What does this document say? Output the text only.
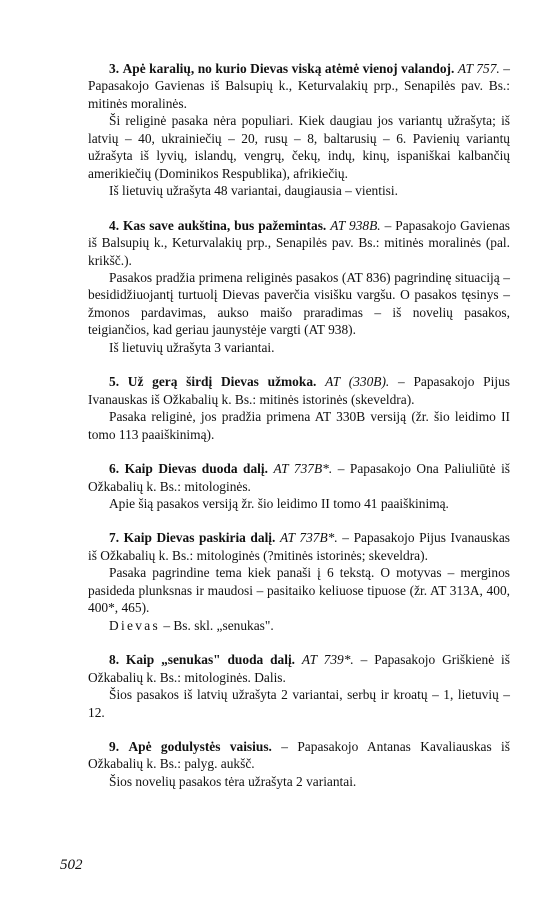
3. Apė karalių, no kurio Dievas viską atėmė vienoj valandoj. AT 757. – Papasakojo Gavienas iš Balsupių k., Keturvalakių prp., Senapilės pav. Bs.: mitinės moralinės.

Ši religinė pasaka nėra populiari. Kiek daugiau jos variantų užrašyta; iš latvių – 40, ukrainiečių – 20, rusų – 8, baltarusių – 6. Pavienių variantų užrašyta iš lyvių, islandų, vengrų, čekų, indų, kinų, ispaniškai kalbančių amerikiečių (Dominikos Respublika), afrikiečių.

Iš lietuvių užrašyta 48 variantai, daugiausia – vientisi.

4. Kas save aukština, bus pažemintas. AT 938B. – Papasakojo Gavienas iš Balsupių k., Keturvalakių prp., Senapilės pav. Bs.: mitinės moralinės (pal. krikšč.).

Pasakos pradžia primena religinės pasakos (AT 836) pagrindinę situaciją – besididžiuojantį turtuolį Dievas paverčia visišku vargšu. O pasakos tęsinys – žmonos pardavimas, aukso maišo praradimas – iš novelių pasakos, teigiančios, kad geriau jaunystėje vargti (AT 938).

Iš lietuvių užrašyta 3 variantai.

5. Už gerą širdį Dievas užmoka. AT (330B). – Papasakojo Pijus Ivanauskas iš Ožkabalių k. Bs.: mitinės istorinės (skeveldra).

Pasaka religinė, jos pradžia primena AT 330B versiją (žr. šio leidimo II tomo 113 paaiškinimą).

6. Kaip Dievas duoda dalį. AT 737B*. – Papasakojo Ona Paliuliūtė iš Ožkabalių k. Bs.: mitologinės.

Apie šią pasakos versiją žr. šio leidimo II tomo 41 paaiškinimą.

7. Kaip Dievas paskiria dalį. AT 737B*. – Papasakojo Pijus Ivanauskas iš Ožkabalių k. Bs.: mitologinės (?mitinės istorinės; skeveldra).

Pasaka pagrindine tema kiek panaši į 6 tekstą. O motyvas – merginos pasideda plunksnas ir maudosi – pasitaiko keliuose tipuose (žr. AT 313A, 400, 400*, 465).

Dievas – Bs. skl. „senukas".

8. Kaip „senukas" duoda dalį. AT 739*. – Papasakojo Griškienė iš Ožkabalių k. Bs.: mitologinės. Dalis.

Šios pasakos iš latvių užrašyta 2 variantai, serbų ir kroatų – 1, lietuvių – 12.

9. Apė godulystės vaisius. – Papasakojo Antanas Kavaliauskas iš Ožkabalių k. Bs.: palyg. aukšč.

Šios novelių pasakos tėra užrašyta 2 variantai.

502
